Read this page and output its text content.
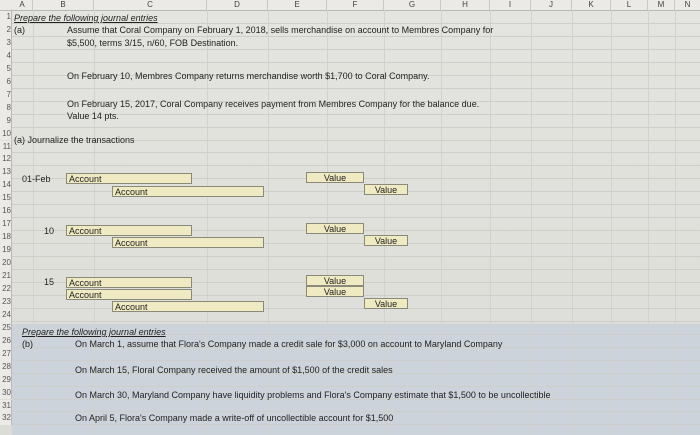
A	B	C	D	E	F	G	H	I	J	K	L	M	N
1
2
3
4
5
6
7
8
9
10
11
12
13
14
15
16
17
18
19
20
21
22
23
24
25
26
27
28
29
30
31
32
Prepare the following journal entries
(a)	Assume that Coral Company on February 1, 2018, sells merchandise on account to Membres Company for
$5,500, terms 3/15, n/60, FOB Destination.
On February 10, Membres Company returns merchandise worth $1,700 to Coral Company.
On February 15, 2017, Coral Company receives payment from Membres Company for the balance due.
Value 14 pts.
(a) Journalize the transactions
01-Feb	Account	Value
Account	Value
10	Account	Value
Account	Value
15	Account	Value
Account	Value
Account	Value
Prepare the following journal entries
(b)	On March 1, assume that Flora's Company made a credit sale for $3,000 on account to Maryland Company
On March 15, Floral Company received the amount of $1,500 of the credit sales
On March 30, Maryland Company have liquidity problems and Flora's Company estimate that $1,500 to be uncollectible
On April 5, Flora's Company made a write-off of uncollectible account for $1,500
